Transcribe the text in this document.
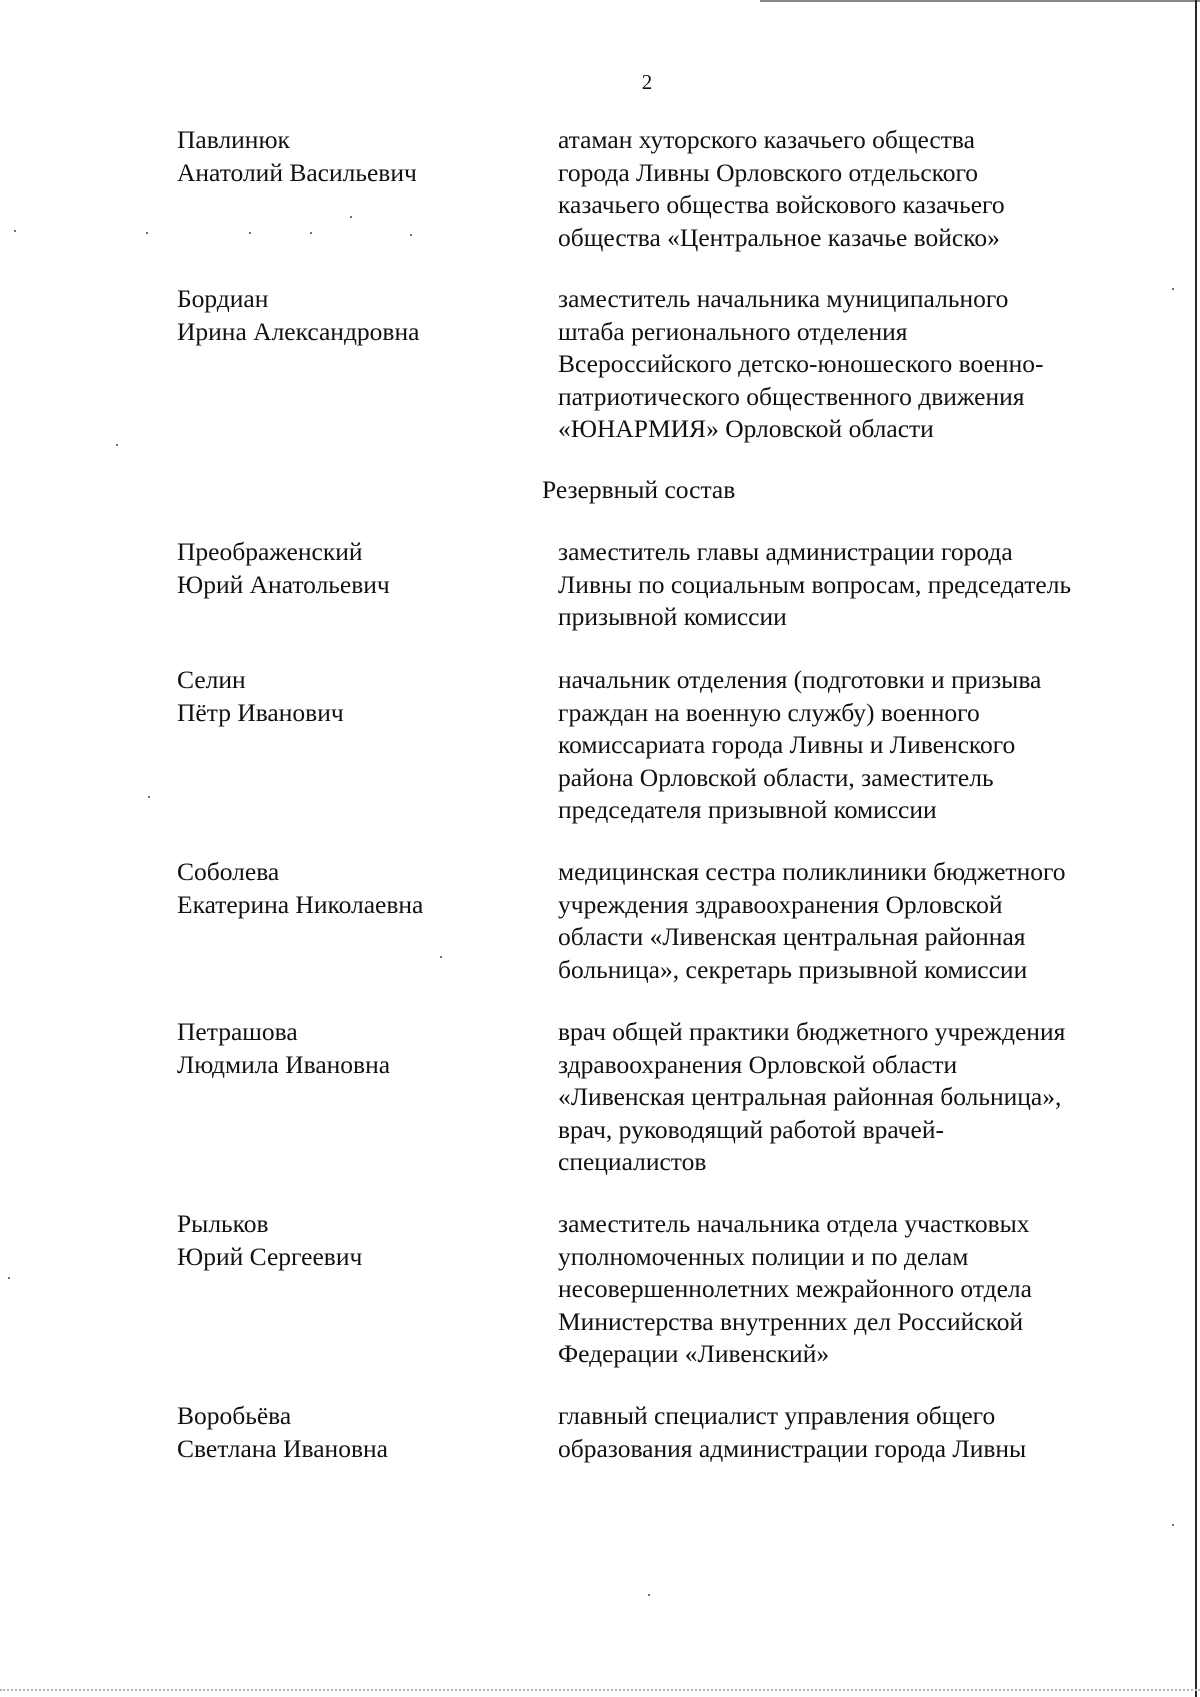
2
Павлинюк
Анатолий Васильевич
атаман хуторского казачьего общества
города Ливны Орловского отдельского
казачьего общества войскового казачьего
общества «Центральное казачье войско»
Бордиан
Ирина Александровна
заместитель начальника муниципального
штаба регионального отделения
Всероссийского детско-юношеского военно-
патриотического общественного движения
«ЮНАРМИЯ» Орловской области
Резервный состав
Преображенский
Юрий Анатольевич
заместитель главы администрации города
Ливны по социальным вопросам, председатель
призывной комиссии
Селин
Пётр Иванович
начальник отделения (подготовки и призыва
граждан на военную службу) военного
комиссариата города Ливны и Ливенского
района Орловской области, заместитель
председателя призывной комиссии
Соболева
Екатерина Николаевна
медицинская сестра поликлиники бюджетного
учреждения здравоохранения Орловской
области «Ливенская центральная районная
больница», секретарь призывной комиссии
Петрашова
Людмила Ивановна
врач общей практики бюджетного учреждения
здравоохранения Орловской области
«Ливенская центральная районная больница»,
врач, руководящий работой врачей-
специалистов
Рыльков
Юрий Сергеевич
заместитель начальника отдела участковых
уполномоченных полиции и по делам
несовершеннолетних межрайонного отдела
Министерства внутренних дел Российской
Федерации «Ливенский»
Воробьёва
Светлана Ивановна
главный специалист управления общего
образования администрации города Ливны
